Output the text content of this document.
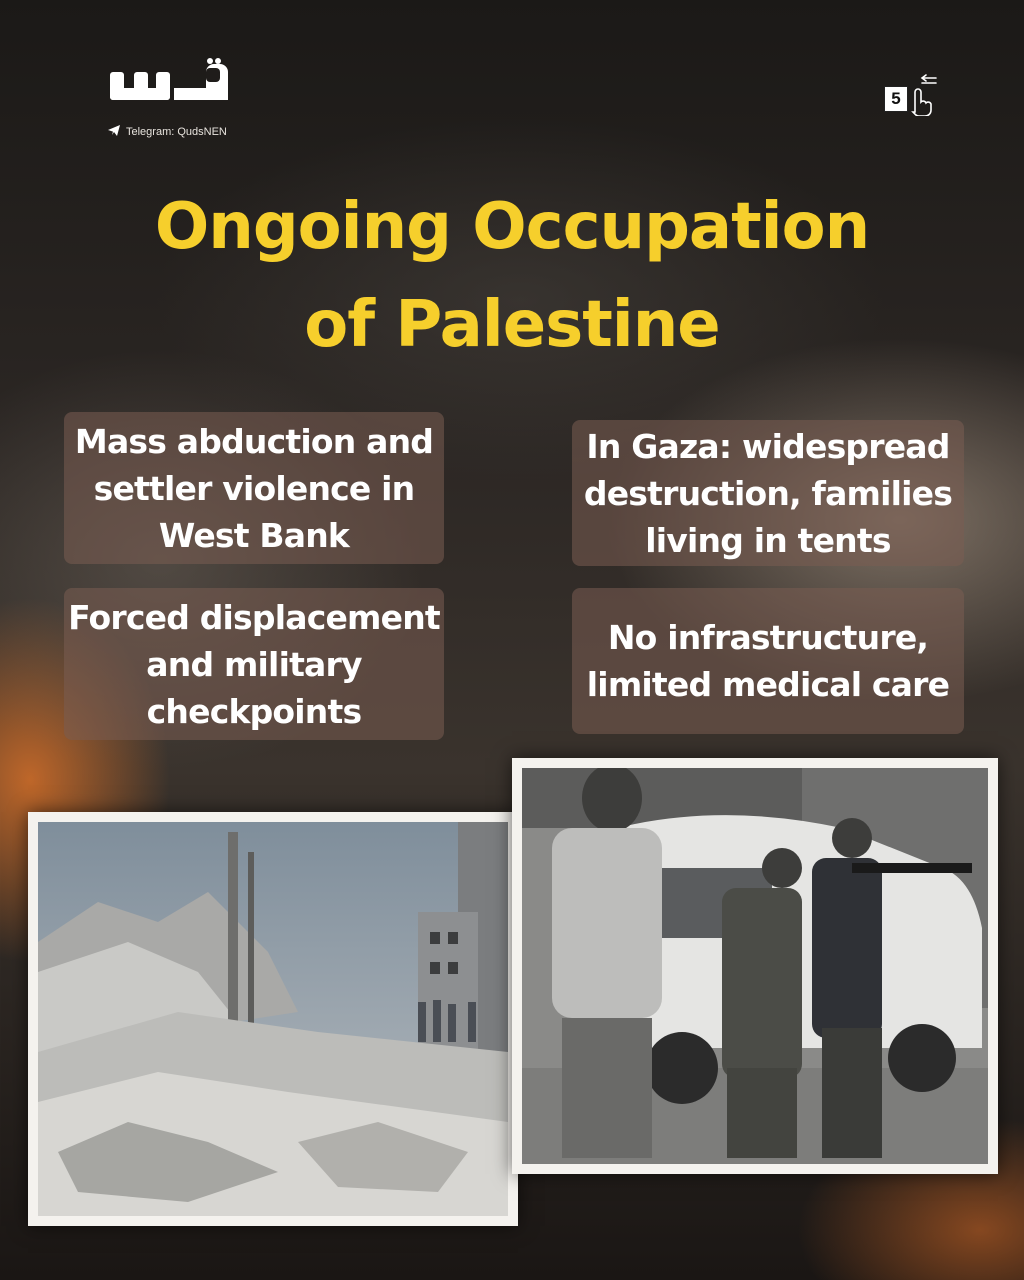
Telegram: QudsNEN
5
Ongoing Occupation
of Palestine
Mass abduction and settler violence in West Bank
In Gaza: widespread destruction, families living in tents
Forced displacement and military checkpoints
No infrastructure, limited medical care
